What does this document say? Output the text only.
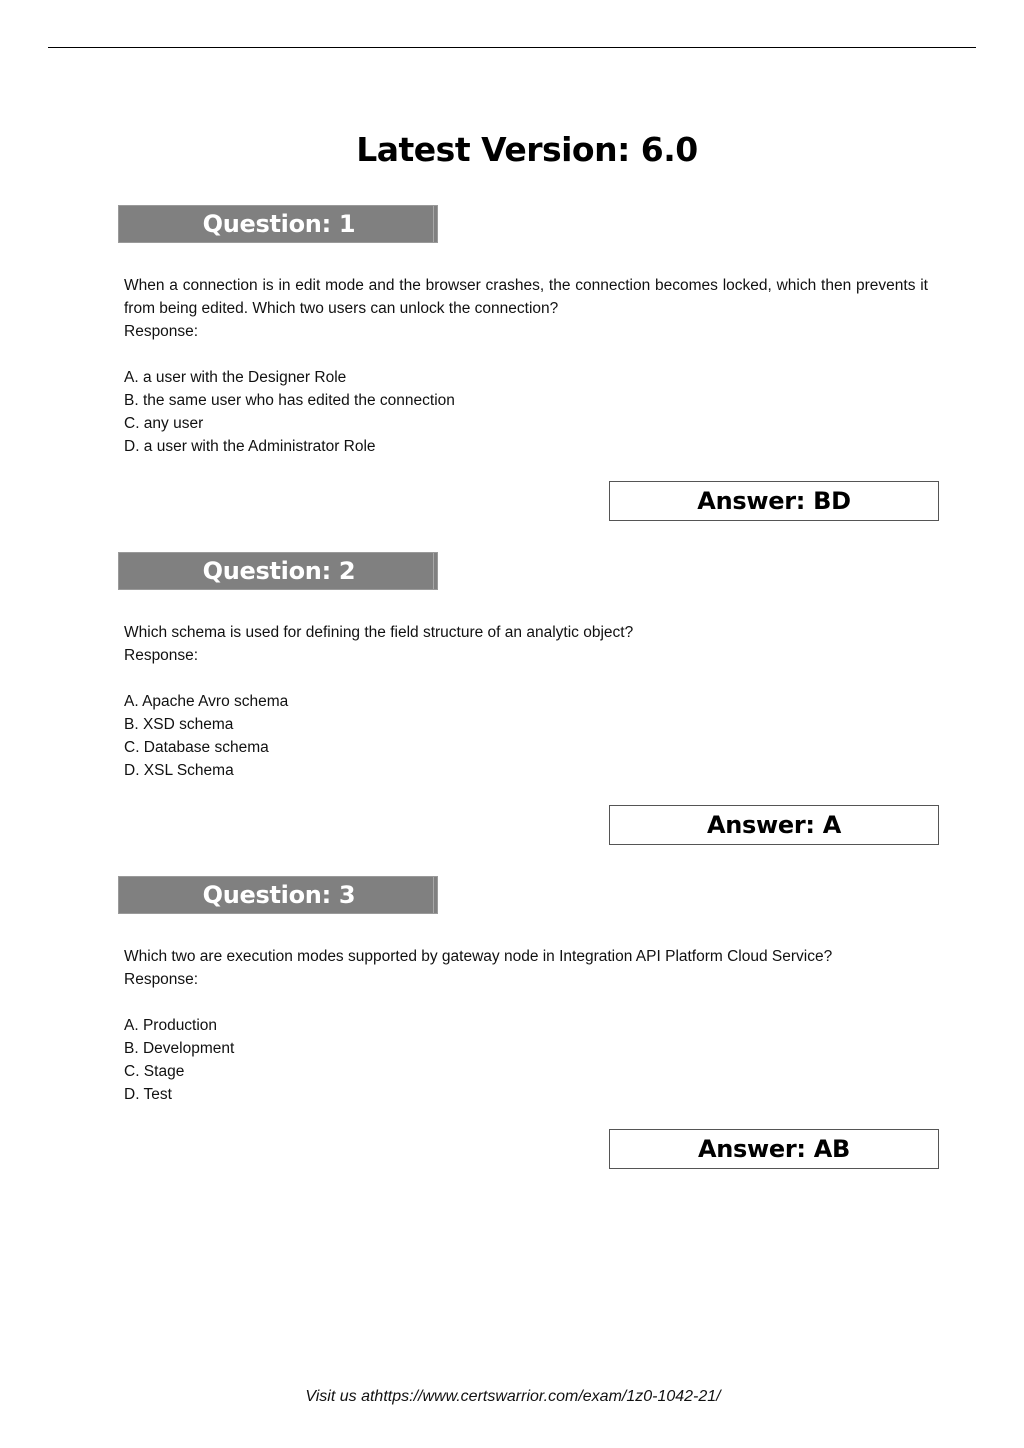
Latest Version: 6.0
Question: 1

When a connection is in edit mode and the browser crashes, the connection becomes locked, which then prevents it from being edited. Which two users can unlock the connection?

Response:
A. a user with the Designer Role
B. the same user who has edited the connection
C. any user
D. a user with the Administrator Role
Answer: BD
Question: 2

Which schema is used for defining the field structure of an analytic object?

Response:
A. Apache Avro schema
B. XSD schema
C. Database schema
D. XSL Schema
Answer: A
Question: 3

Which two are execution modes supported by gateway node in Integration API Platform Cloud Service?

Response:
A. Production
B. Development
C. Stage
D. Test
Answer: AB
Visit us athttps://www.certswarrior.com/exam/1z0-1042-21/
